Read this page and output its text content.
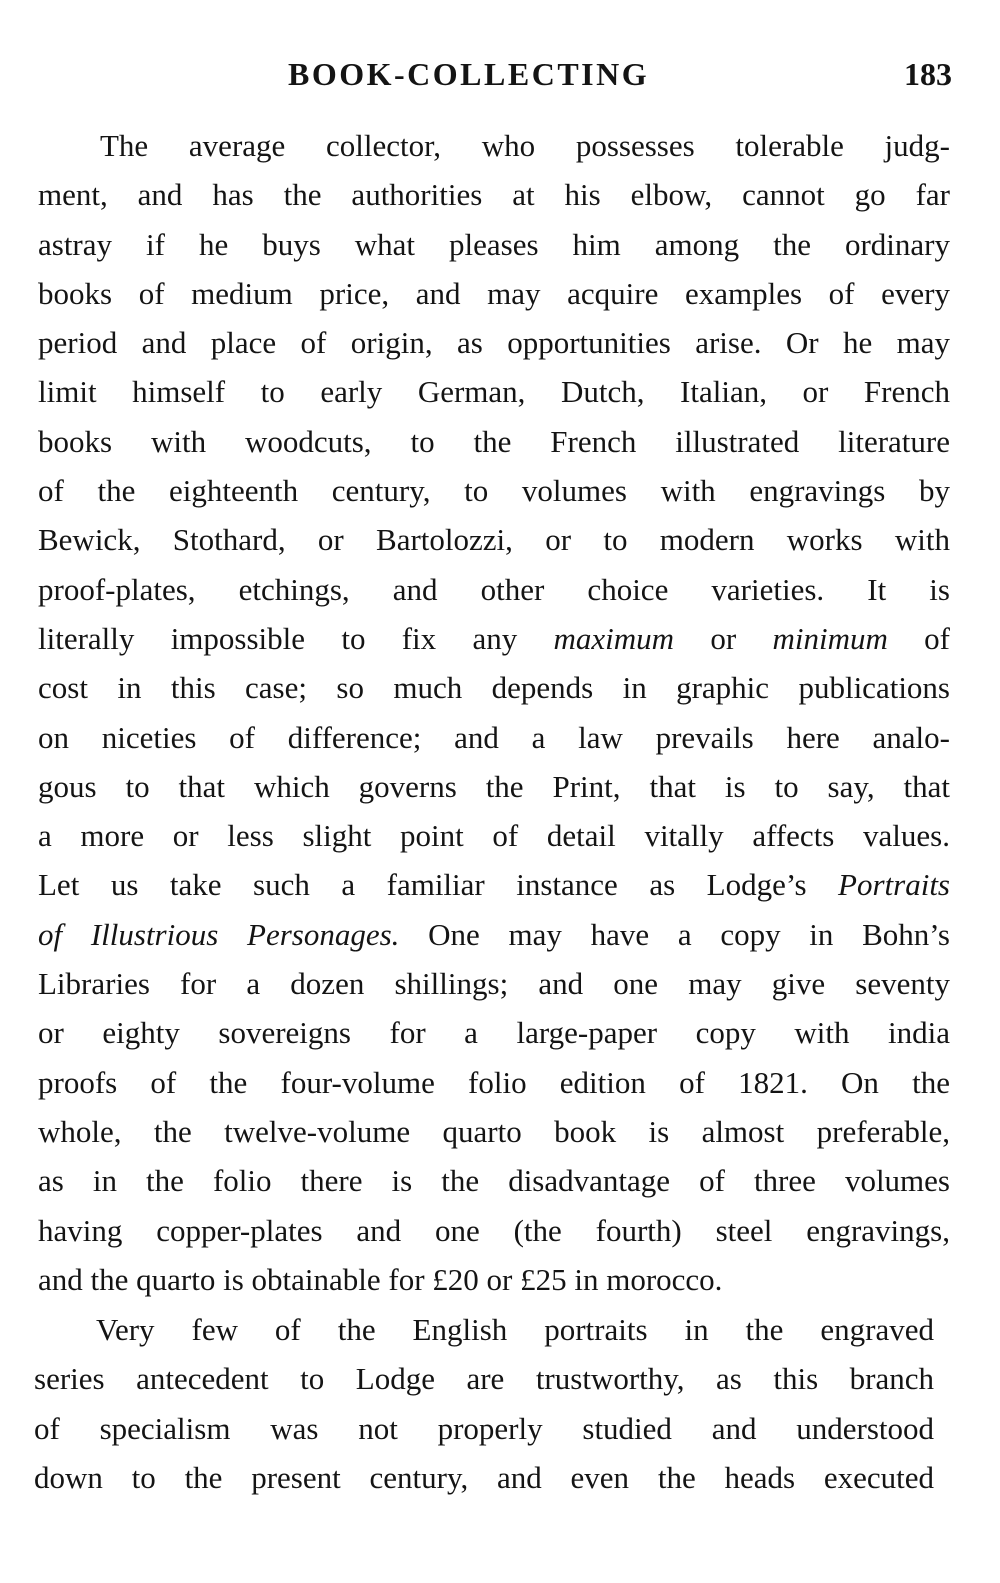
BOOK-COLLECTING	183
The average collector, who possesses tolerable judg-
ment, and has the authorities at his elbow, cannot go far
astray if he buys what pleases him among the ordinary
books of medium price, and may acquire examples of every
period and place of origin, as opportunities arise. Or he may
limit himself to early German, Dutch, Italian, or French
books with woodcuts, to the French illustrated literature
of the eighteenth century, to volumes with engravings by
Bewick, Stothard, or Bartolozzi, or to modern works with
proof-plates, etchings, and other choice varieties. It is
literally impossible to fix any maximum or minimum of
cost in this case; so much depends in graphic publications
on niceties of difference; and a law prevails here analo-
gous to that which governs the Print, that is to say, that
a more or less slight point of detail vitally affects values.
Let us take such a familiar instance as Lodge’s Portraits
of Illustrious Personages. One may have a copy in Bohn’s
Libraries for a dozen shillings; and one may give seventy
or eighty sovereigns for a large-paper copy with india
proofs of the four-volume folio edition of 1821. On the
whole, the twelve-volume quarto book is almost preferable,
as in the folio there is the disadvantage of three volumes
having copper-plates and one (the fourth) steel engravings,
and the quarto is obtainable for £20 or £25 in morocco.
Very few of the English portraits in the engraved
series antecedent to Lodge are trustworthy, as this branch
of specialism was not properly studied and understood
down to the present century, and even the heads executed
